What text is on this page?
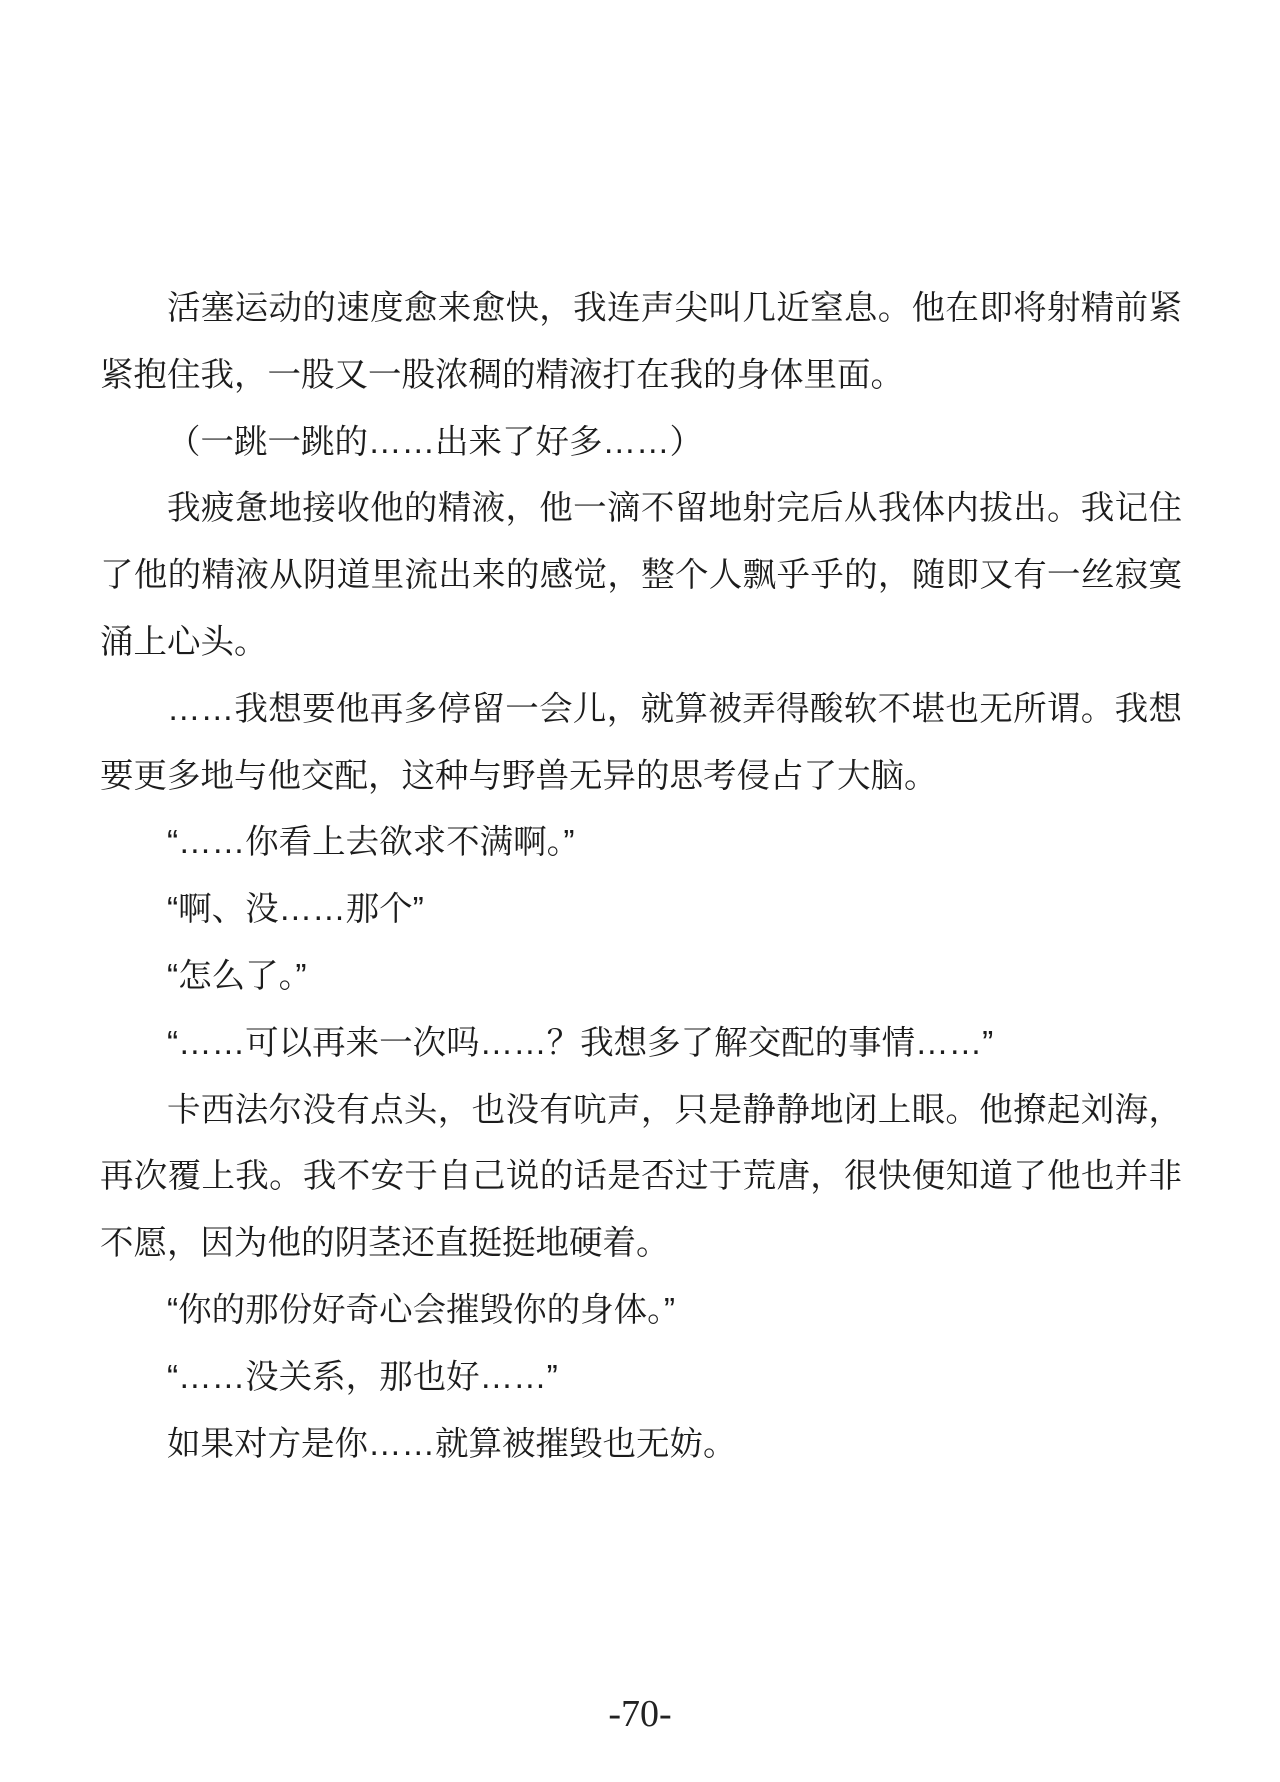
活塞运动的速度愈来愈快，我连声尖叫几近窒息。他在即将射精前紧
紧抱住我，一股又一股浓稠的精液打在我的身体里面。
（一跳一跳的……出来了好多……）
我疲惫地接收他的精液，他一滴不留地射完后从我体内拔出。我记住
了他的精液从阴道里流出来的感觉，整个人飘乎乎的，随即又有一丝寂寞
涌上心头。
……我想要他再多停留一会儿，就算被弄得酸软不堪也无所谓。我想
要更多地与他交配，这种与野兽无异的思考侵占了大脑。
“……你看上去欲求不满啊。”
“啊、没……那个”
“怎么了。”
“……可以再来一次吗……？我想多了解交配的事情……”
卡西法尔没有点头，也没有吭声，只是静静地闭上眼。他撩起刘海，
再次覆上我。我不安于自己说的话是否过于荒唐，很快便知道了他也并非
不愿，因为他的阴茎还直挺挺地硬着。
“你的那份好奇心会摧毁你的身体。”
“……没关系，那也好……”
如果对方是你……就算被摧毁也无妨。
-70-
